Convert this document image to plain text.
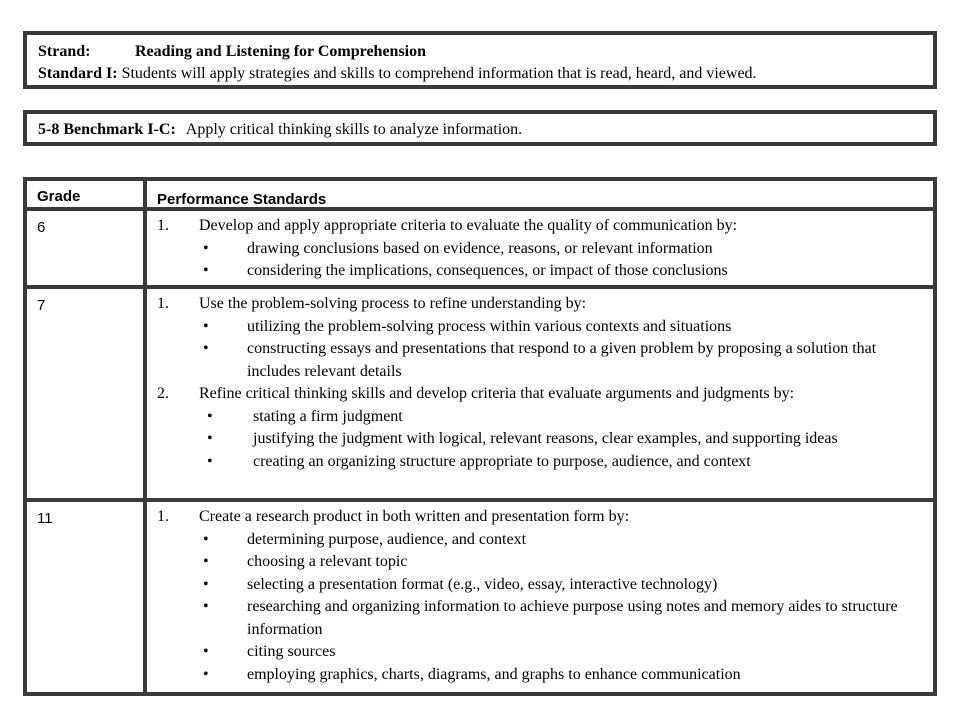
Strand:	Reading and Listening for Comprehension
Standard I: Students will apply strategies and skills to comprehend information that is read, heard, and viewed.
5-8 Benchmark I-C: Apply critical thinking skills to analyze information.
Grade	Performance Standards
6	1.	Develop and apply appropriate criteria to evaluate the quality of communication by:
• drawing conclusions based on evidence, reasons, or relevant information
• considering the implications, consequences, or impact of those conclusions
7	1.	Use the problem-solving process to refine understanding by:
• utilizing the problem-solving process within various contexts and situations
• constructing essays and presentations that respond to a given problem by proposing a solution that includes relevant details
2.	Refine critical thinking skills and develop criteria that evaluate arguments and judgments by:
•	stating a firm judgment
•	justifying the judgment with logical, relevant reasons, clear examples, and supporting ideas
•	creating an organizing structure appropriate to purpose, audience, and context
11	1.	Create a research product in both written and presentation form by:
• determining purpose, audience, and context
• choosing a relevant topic
• selecting a presentation format (e.g., video, essay, interactive technology)
• researching and organizing information to achieve purpose using notes and memory aides to structure information
• citing sources
• employing graphics, charts, diagrams, and graphs to enhance communication
